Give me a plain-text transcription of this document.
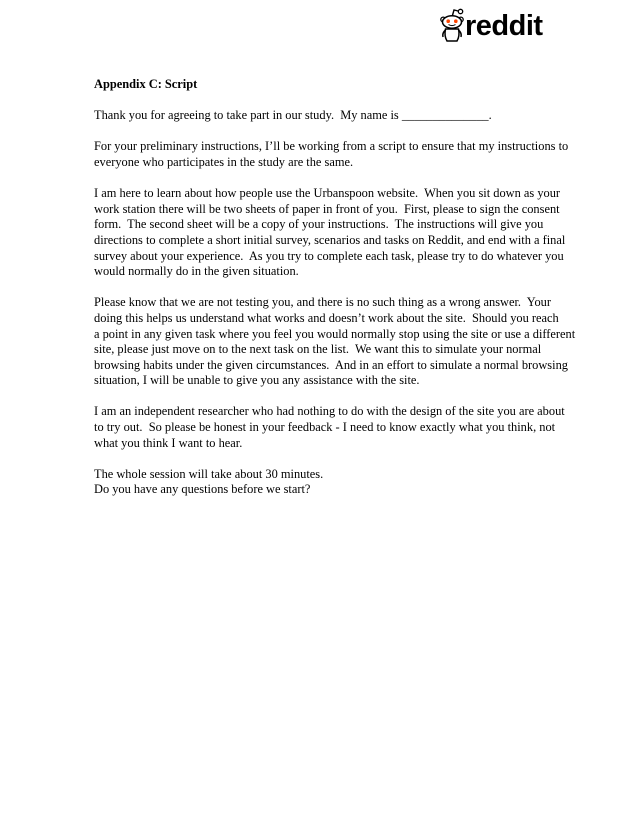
reddit
Appendix C: Script
Thank you for agreeing to take part in our study.  My name is ______________.
For your preliminary instructions, I’ll be working from a script to ensure that my instructions to
everyone who participates in the study are the same.
I am here to learn about how people use the Urbanspoon website.  When you sit down as your
work station there will be two sheets of paper in front of you.  First, please to sign the consent
form.  The second sheet will be a copy of your instructions.  The instructions will give you
directions to complete a short initial survey, scenarios and tasks on Reddit, and end with a final
survey about your experience.  As you try to complete each task, please try to do whatever you
would normally do in the given situation.
Please know that we are not testing you, and there is no such thing as a wrong answer.  Your
doing this helps us understand what works and doesn’t work about the site.  Should you reach
a point in any given task where you feel you would normally stop using the site or use a different
site, please just move on to the next task on the list.  We want this to simulate your normal
browsing habits under the given circumstances.  And in an effort to simulate a normal browsing
situation, I will be unable to give you any assistance with the site.
I am an independent researcher who had nothing to do with the design of the site you are about
to try out.  So please be honest in your feedback - I need to know exactly what you think, not
what you think I want to hear.
The whole session will take about 30 minutes.
Do you have any questions before we start?
